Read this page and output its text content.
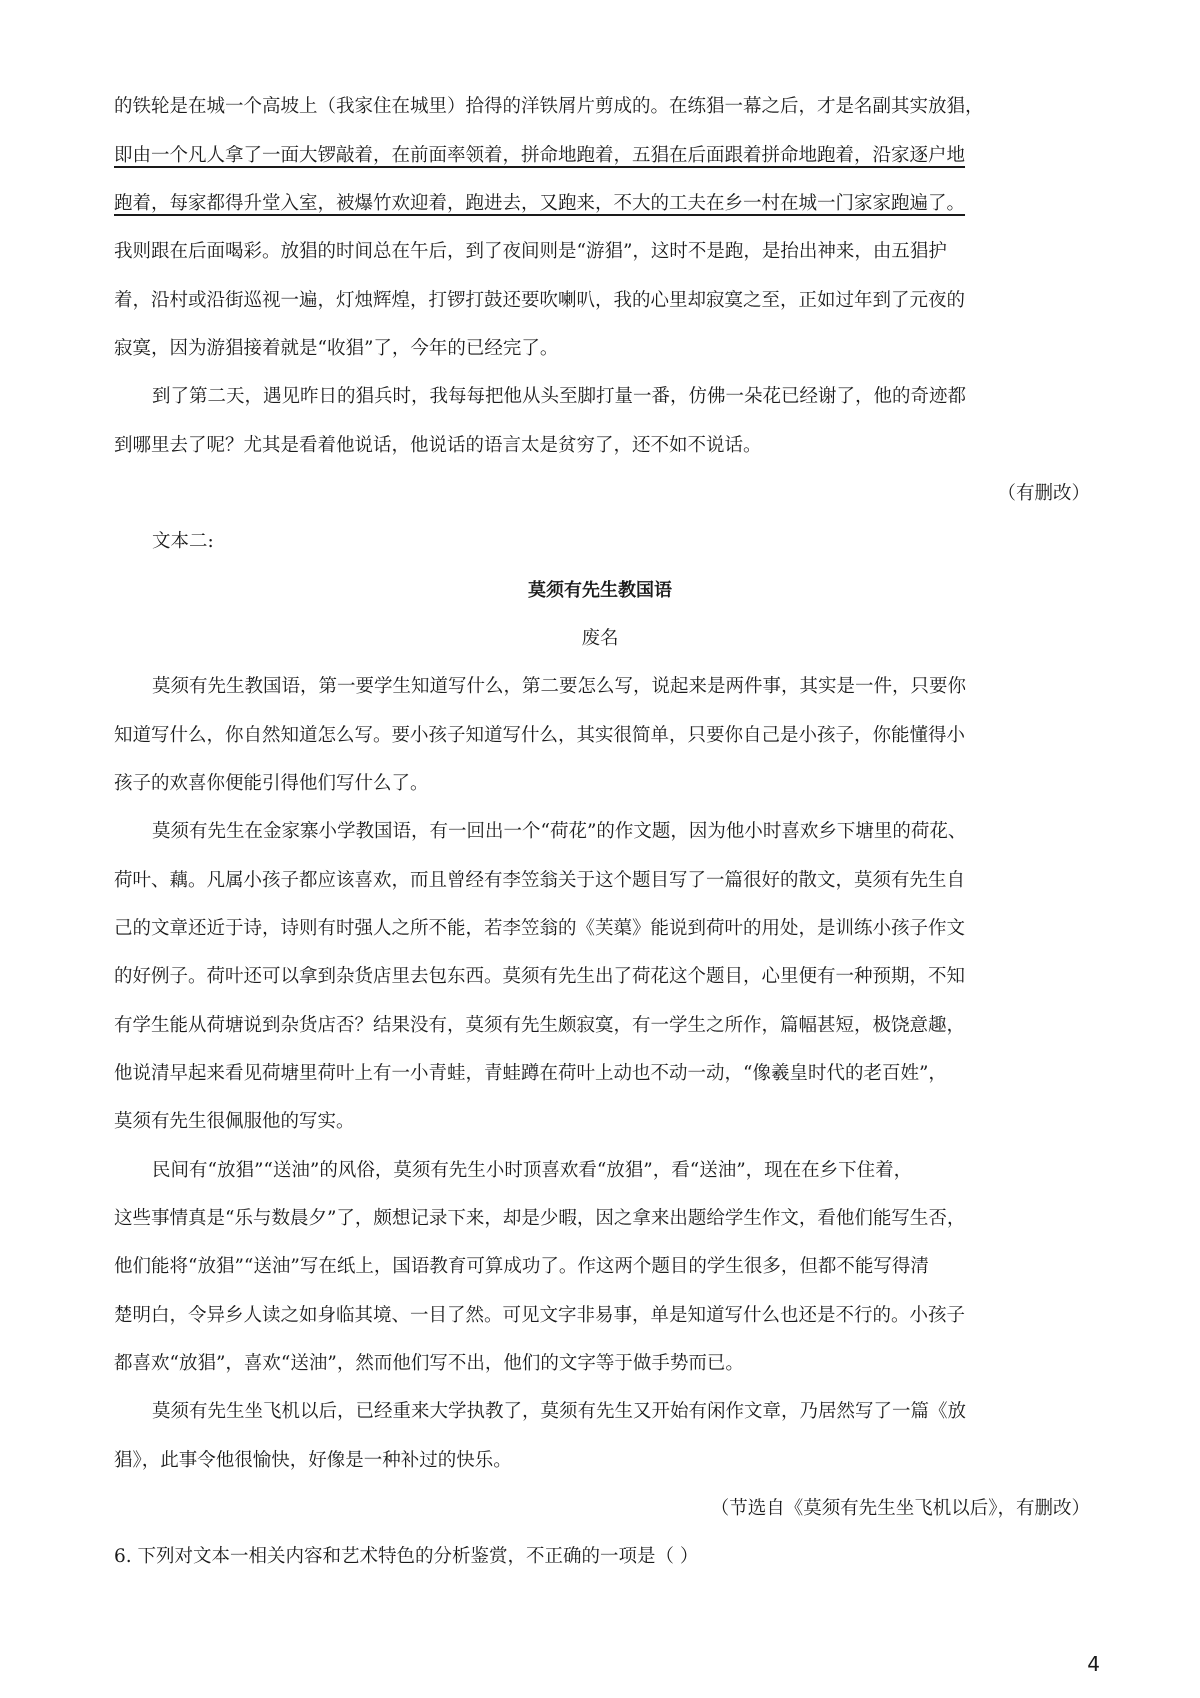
的铁轮是在城一个高坡上（我家住在城里）拾得的洋铁屑片剪成的。在练猖一幕之后，才是名副其实放猖，
即由一个凡人拿了一面大锣敲着，在前面率领着，拼命地跑着，五猖在后面跟着拼命地跑着，沿家逐户地
跑着，每家都得升堂入室，被爆竹欢迎着，跑进去，又跑来，不大的工夫在乡一村在城一门家家跑遍了。
我则跟在后面喝彩。放猖的时间总在午后，到了夜间则是“游猖”，这时不是跑，是抬出神来，由五猖护
着，沿村或沿街巡视一遍，灯烛辉煌，打锣打鼓还要吹喇叭，我的心里却寂寞之至，正如过年到了元夜的
寂寞，因为游猖接着就是“收猖”了，今年的已经完了。
到了第二天，遇见昨日的猖兵时，我每每把他从头至脚打量一番，仿佛一朵花已经谢了，他的奇迹都
到哪里去了呢？尤其是看着他说话，他说话的语言太是贫穷了，还不如不说话。
（有删改）
文本二:
莫须有先生教国语
废名
莫须有先生教国语，第一要学生知道写什么，第二要怎么写，说起来是两件事，其实是一件，只要你
知道写什么，你自然知道怎么写。要小孩子知道写什么，其实很简单，只要你自己是小孩子，你能懂得小
孩子的欢喜你便能引得他们写什么了。
莫须有先生在金家寨小学教国语，有一回出一个“荷花”的作文题，因为他小时喜欢乡下塘里的荷花、
荷叶、藕。凡属小孩子都应该喜欢，而且曾经有李笠翁关于这个题目写了一篇很好的散文，莫须有先生自
己的文章还近于诗，诗则有时强人之所不能，若李笠翁的《芙蕖》能说到荷叶的用处，是训练小孩子作文
的好例子。荷叶还可以拿到杂货店里去包东西。莫须有先生出了荷花这个题目，心里便有一种预期，不知
有学生能从荷塘说到杂货店否？结果没有，莫须有先生颇寂寞，有一学生之所作，篇幅甚短，极饶意趣，
他说清早起来看见荷塘里荷叶上有一小青蛙，青蛙蹲在荷叶上动也不动一动，“像羲皇时代的老百姓”，
莫须有先生很佩服他的写实。
民间有“放猖”“送油”的风俗，莫须有先生小时顶喜欢看“放猖”，看“送油”，现在在乡下住着，
这些事情真是“乐与数晨夕”了，颇想记录下来，却是少暇，因之拿来出题给学生作文，看他们能写生否，
他们能将“放猖”“送油”写在纸上，国语教育可算成功了。作这两个题目的学生很多，但都不能写得清
楚明白，令异乡人读之如身临其境、一目了然。可见文字非易事，单是知道写什么也还是不行的。小孩子
都喜欢“放猖”，喜欢“送油”，然而他们写不出，他们的文字等于做手势而已。
莫须有先生坐飞机以后，已经重来大学执教了，莫须有先生又开始有闲作文章，乃居然写了一篇《放
猖》，此事令他很愉快，好像是一种补过的快乐。
（节选自《莫须有先生坐飞机以后》，有删改）
6. 下列对文本一相关内容和艺术特色的分析鉴赏，不正确的一项是（ ）
4
